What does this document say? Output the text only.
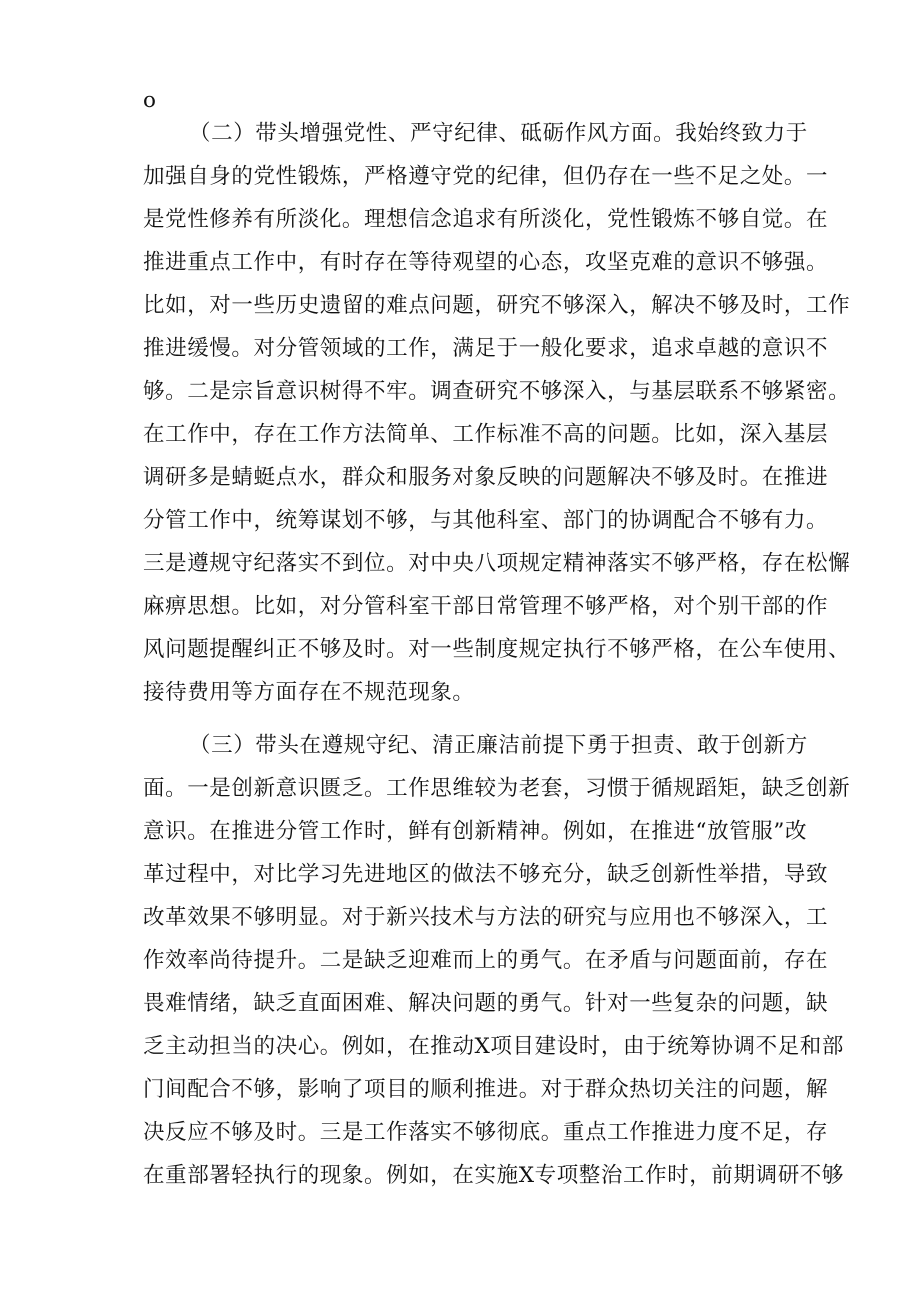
o

（二）带头增强党性、严守纪律、砥砺作风方面。我始终致力于

加强自身的党性锻炼，严格遵守党的纪律，但仍存在一些不足之处。一

是党性修养有所淡化。理想信念追求有所淡化，党性锻炼不够自觉。在

推进重点工作中，有时存在等待观望的心态，攻坚克难的意识不够强。

比如，对一些历史遗留的难点问题，研究不够深入，解决不够及时，工作

推进缓慢。对分管领域的工作，满足于一般化要求，追求卓越的意识不

够。二是宗旨意识树得不牢。调查研究不够深入，与基层联系不够紧密。

在工作中，存在工作方法简单、工作标准不高的问题。比如，深入基层

调研多是蜻蜓点水，群众和服务对象反映的问题解决不够及时。在推进

分管工作中，统筹谋划不够，与其他科室、部门的协调配合不够有力。

三是遵规守纪落实不到位。对中央八项规定精神落实不够严格，存在松懈

麻痹思想。比如，对分管科室干部日常管理不够严格，对个别干部的作

风问题提醒纠正不够及时。对一些制度规定执行不够严格，在公车使用、

接待费用等方面存在不规范现象。

（三）带头在遵规守纪、清正廉洁前提下勇于担责、敢于创新方

面。一是创新意识匮乏。工作思维较为老套，习惯于循规蹈矩，缺乏创新

意识。在推进分管工作时，鲜有创新精神。例如，在推进“放管服”改

革过程中，对比学习先进地区的做法不够充分，缺乏创新性举措，导致

改革效果不够明显。对于新兴技术与方法的研究与应用也不够深入，工

作效率尚待提升。二是缺乏迎难而上的勇气。在矛盾与问题面前，存在

畏难情绪，缺乏直面困难、解决问题的勇气。针对一些复杂的问题，缺

乏主动担当的决心。例如，在推动X项目建设时，由于统筹协调不足和部

门间配合不够，影响了项目的顺利推进。对于群众热切关注的问题，解

决反应不够及时。三是工作落实不够彻底。重点工作推进力度不足，存

在重部署轻执行的现象。例如，在实施X专项整治工作时，前期调研不够
